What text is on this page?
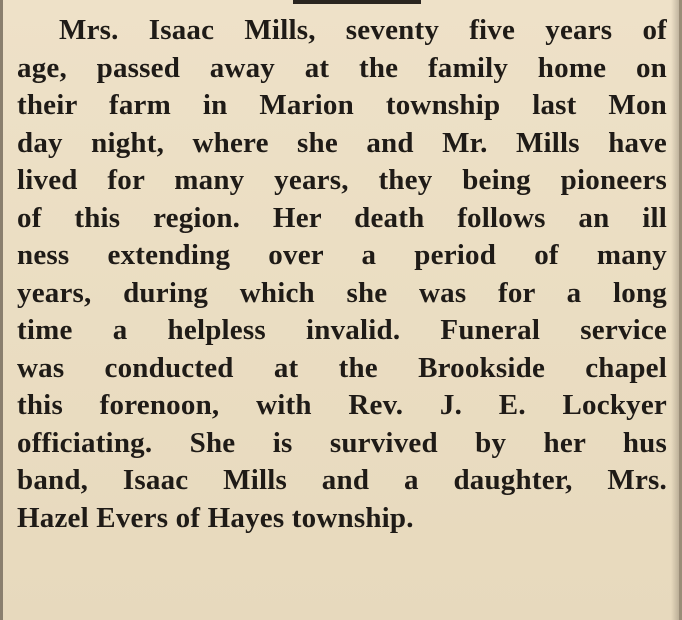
Mrs. Isaac Mills, seventy five years of
age, passed away at the family home on
their farm in Marion township last Mon
day night, where she and Mr. Mills have
lived for many years, they being pioneers
of this region. Her death follows an ill
ness extending over a period of many
years, during which she was for a long
time a helpless invalid. Funeral service
was conducted at the Brookside chapel
this forenoon, with Rev. J. E. Lockyer
officiating. She is survived by her hus
band, Isaac Mills and a daughter, Mrs.
Hazel Evers of Hayes township.
